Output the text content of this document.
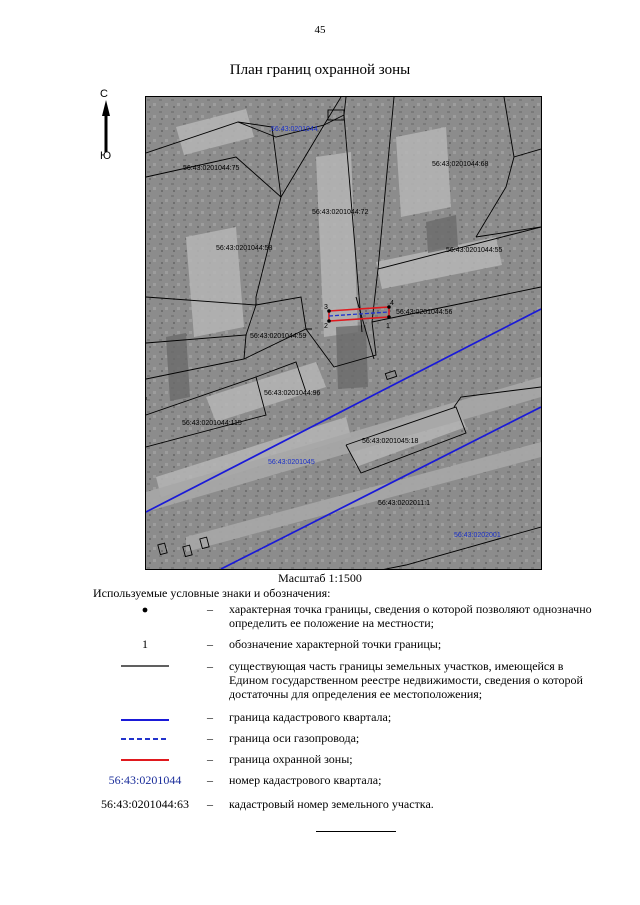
45
План границ охранной зоны
С
Ю
1
2
3
4
56:43:0201044
56:43:0201045
56:43:0202001
56:43:0201044:75
56:43:0201044:68
56:43:0201044:72
56:43:0201044:58	56:43:0201044:55
56:43:0201044:56
56:43:0201044:59
56:43:0201044:96
56:43:0201044:115
56:43:0201045:18
56:43:0202011:1
Масштаб 1:1500
Используемые условные знаки и обозначения:
– характерная точка границы, сведения о которой позволяют однозначно определить ее положение на местности;
1	– обозначение характерной точки границы;
– существующая часть границы земельных участков, имеющейся в Едином государственном реестре недвижимости, сведения о которой достаточны для определения ее местоположения;
– граница кадастрового квартала;
– граница оси газопровода;
– граница охранной зоны;
56:43:0201044	– номер кадастрового квартала;
56:43:0201044:63	– кадастровый номер земельного участка.
